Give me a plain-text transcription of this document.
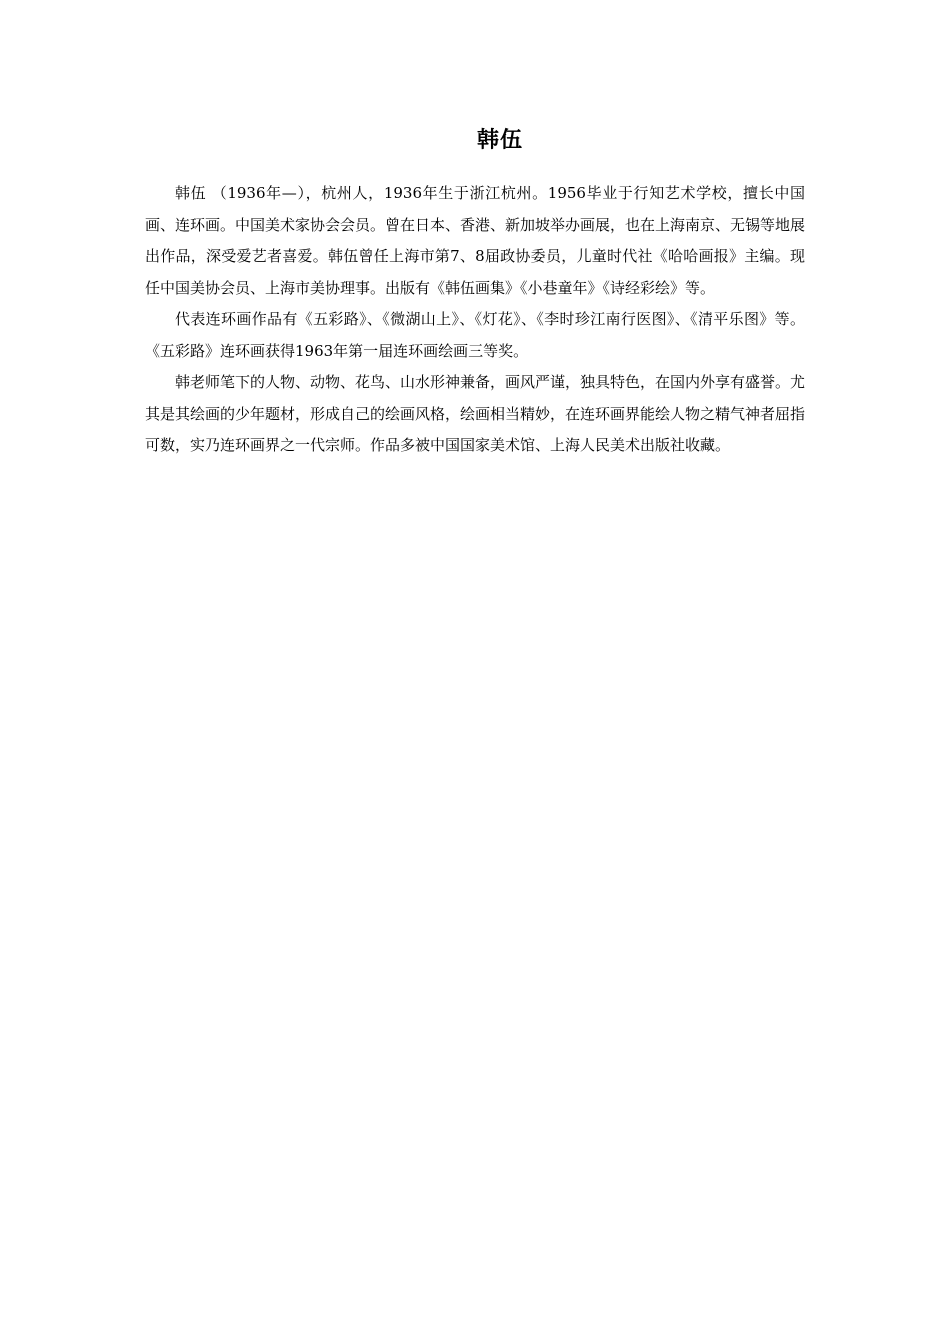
韩伍

韩伍 （1936年—），杭州人，1936年生于浙江杭州。1956毕业于行知艺术学校，擅长中国画、连环画。中国美术家协会会员。曾在日本、香港、新加坡举办画展，也在上海南京、无锡等地展出作品，深受爱艺者喜爱。韩伍曾任上海市第7、8届政协委员，儿童时代社《哈哈画报》主编。现任中国美协会员、上海市美协理事。出版有《韩伍画集》《小巷童年》《诗经彩绘》等。

代表连环画作品有《五彩路》、《微湖山上》、《灯花》、《李时珍江南行医图》、《清平乐图》等。《五彩路》连环画获得1963年第一届连环画绘画三等奖。

韩老师笔下的人物、动物、花鸟、山水形神兼备，画风严谨，独具特色，在国内外享有盛誉。尤其是其绘画的少年题材，形成自己的绘画风格，绘画相当精妙，在连环画界能绘人物之精气神者屈指可数，实乃连环画界之一代宗师。作品多被中国国家美术馆、上海人民美术出版社收藏。
